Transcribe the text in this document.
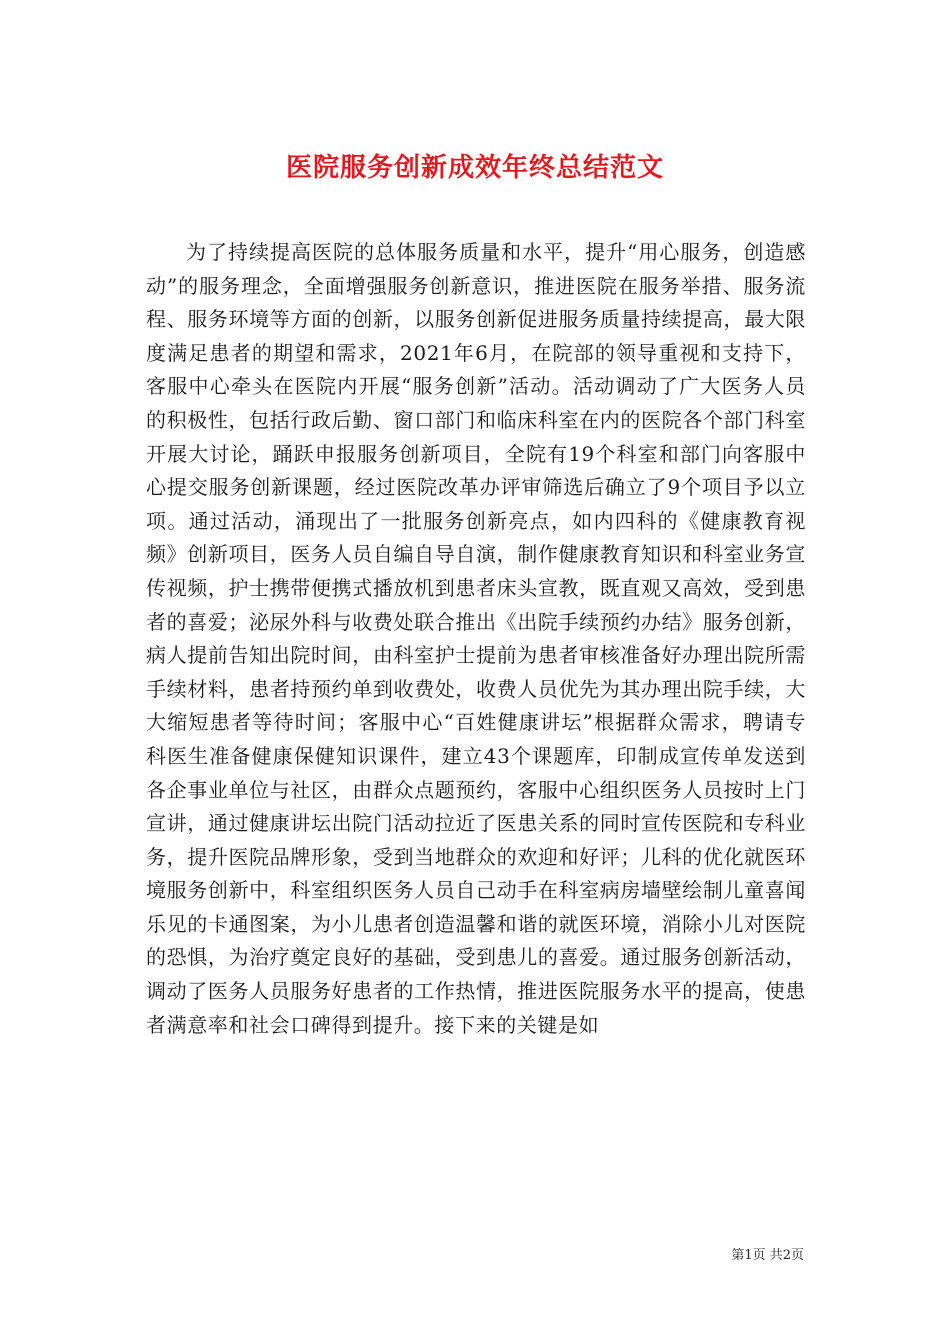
医院服务创新成效年终总结范文

为了持续提高医院的总体服务质量和水平，提升“用心服务，创造感动”的服务理念，全面增强服务创新意识，推进医院在服务举措、服务流程、服务环境等方面的创新，以服务创新促进服务质量持续提高，最大限度满足患者的期望和需求，2021年6月，在院部的领导重视和支持下，客服中心牵头在医院内开展“服务创新”活动。活动调动了广大医务人员的积极性，包括行政后勤、窗口部门和临床科室在内的医院各个部门科室开展大讨论，踊跃申报服务创新项目，全院有19个科室和部门向客服中心提交服务创新课题，经过医院改革办评审筛选后确立了9个项目予以立项。通过活动，涌现出了一批服务创新亮点，如内四科的《健康教育视频》创新项目，医务人员自编自导自演，制作健康教育知识和科室业务宣传视频，护士携带便携式播放机到患者床头宣教，既直观又高效，受到患者的喜爱；泌尿外科与收费处联合推出《出院手续预约办结》服务创新，病人提前告知出院时间，由科室护士提前为患者审核准备好办理出院所需手续材料，患者持预约单到收费处，收费人员优先为其办理出院手续，大大缩短患者等待时间；客服中心“百姓健康讲坛”根据群众需求，聘请专科医生准备健康保健知识课件，建立43个课题库，印制成宣传单发送到各企事业单位与社区，由群众点题预约，客服中心组织医务人员按时上门宣讲，通过健康讲坛出院门活动拉近了医患关系的同时宣传医院和专科业务，提升医院品牌形象，受到当地群众的欢迎和好评；儿科的优化就医环境服务创新中，科室组织医务人员自己动手在科室病房墙壁绘制儿童喜闻乐见的卡通图案，为小儿患者创造温馨和谐的就医环境，消除小儿对医院的恐惧，为治疗奠定良好的基础，受到患儿的喜爱。通过服务创新活动，调动了医务人员服务好患者的工作热情，推进医院服务水平的提高，使患者满意率和社会口碑得到提升。接下来的关键是如

第1页 共2页
